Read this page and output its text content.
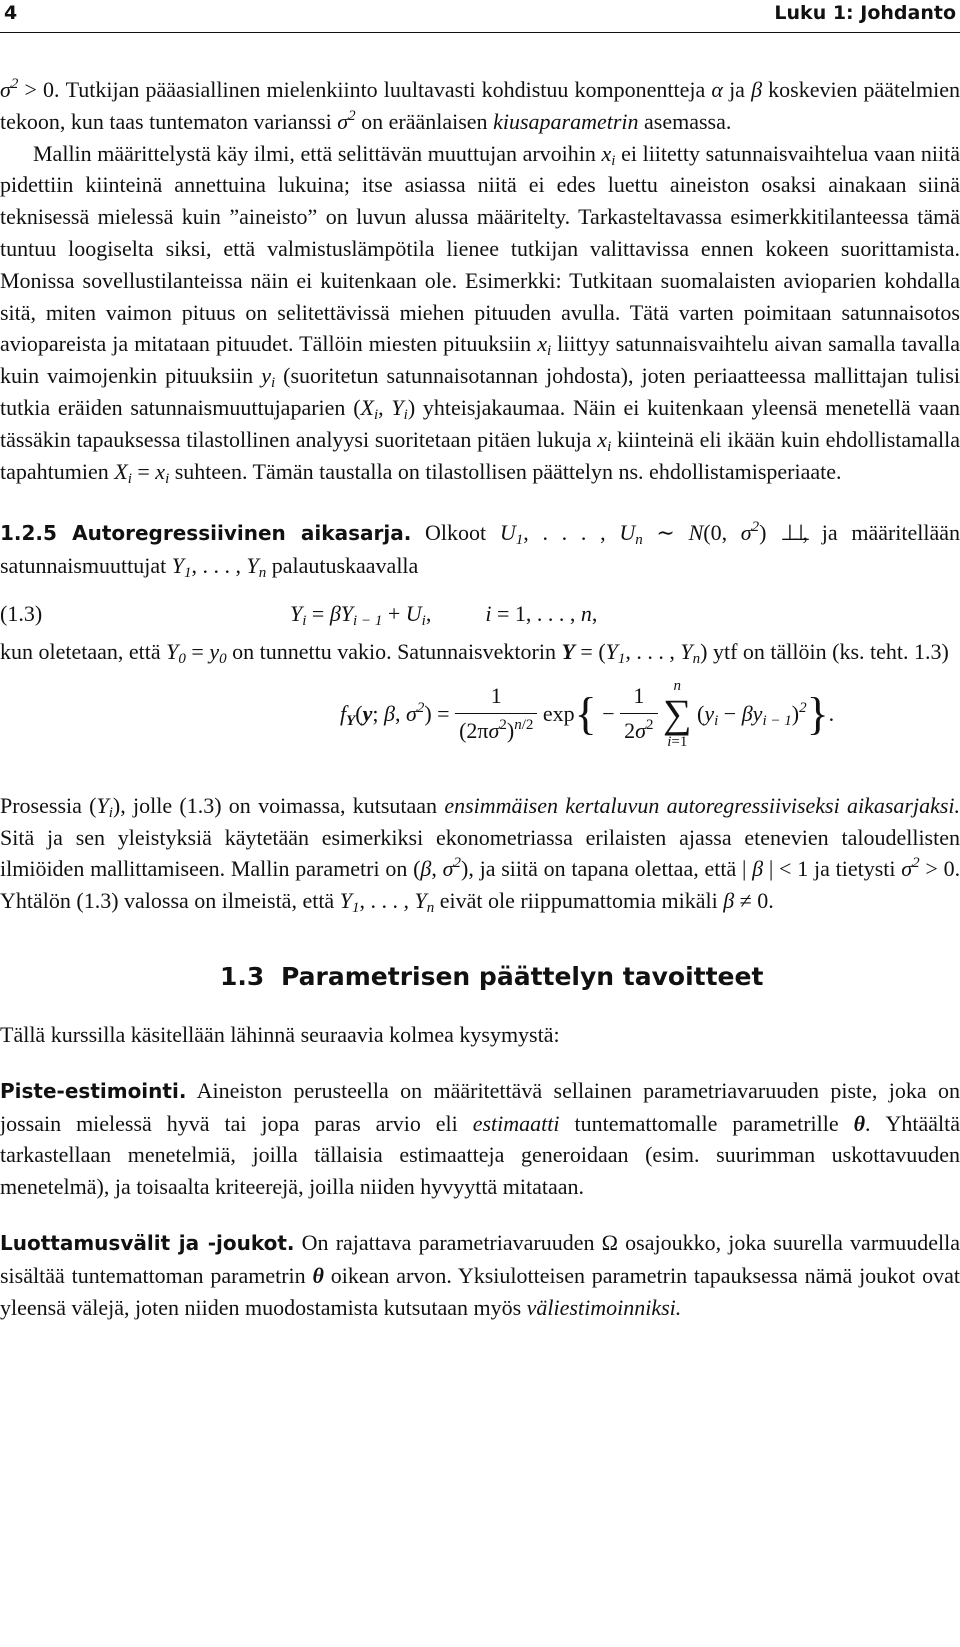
4	Luku 1: Johdanto

$\sigma^2 > 0$. Tutkijan pääasiallinen mielenkiinto luultavasti kohdistuu komponentteja α ja β koskevien päätelmien tekoon, kun taas tuntematon varianssi $\sigma^2$ on eräänlaisen kiusaparametrin asemassa.

Mallin määrittelystä käy ilmi, että selittävän muuttujan arvoihin $x_i$ ei liitetty satunnaisvaihtelua vaan niitä pidettiin kiinteinä annettuina lukuina; itse asiassa niitä ei edes luettu aineiston osaksi ainakaan siinä teknisessä mielessä kuin ”aineisto” on luvun alussa määritelty. Tarkasteltavassa esimerkkitilanteessa tämä tuntuu loogiselta siksi, että valmistuslämpötila lienee tutkijan valittavissa ennen kokeen suorittamista. Monissa sovellustilanteissa näin ei kuitenkaan ole. Esimerkki: Tutkitaan suomalaisten avioparien kohdalla sitä, miten vaimon pituus on selitettävissä miehen pituuden avulla. Tätä varten poimitaan satunnaisotos aviopareista ja mitataan pituudet. Tällöin miesten pituuksiin $x_i$ liittyy satunnaisvaihtelu aivan samalla tavalla kuin vaimojenkin pituuksiin $y_i$ (suoritetun satunnaisotannan johdosta), joten periaatteessa mallittajan tulisi tutkia eräiden satunnaismuuttujaparien ($X_i$, $Y_i$) yhteisjakaumaa. Näin ei kuitenkaan yleensä menetellä vaan tässäkin tapauksessa tilastollinen analyysi suoritetaan pitäen lukuja $x_i$ kiinteinä eli ikään kuin ehdollistamalla tapahtumien $X_i = x_i$ suhteen. Tämän taustalla on tilastollisen päättelyn ns. ehdollistamisperiaate.

1.2.5 Autoregressiivinen aikasarja. Olkoot $U_1$, . . . , $U_n$ ∼ N(0, $\sigma^2$) ⊥⊥, ja määritellään satunnaismuuttujat $Y_1$, . . . , $Y_n$ palautuskaavalla

(1.3)	$Y_i = \beta Y_{i - 1} + U_i$, i = 1, . . . , n,

kun oletetaan, että $Y_0 = y_0$ on tunnettu vakio. Satunnaisvektorin $Y = (Y_1$, . . . , $Y_n$) ytf on tällöin (ks. teht. 1.3)

$f_Y(y$; β, $\sigma^2) = \frac{1}{(2\pi\sigma^2)^{n/2}} \exp\{ - \frac{1}{2\sigma^2}$
	n
∑
i=1
$(y_i - \beta y_{i - 1})^2$}.

Prosessia $(Y_i)$, jolle (1.3) on voimassa, kutsutaan ensimmäisen kertaluvun autoregressiiviseksi aikasarjaksi. Sitä ja sen yleistyksiä käytetään esimerkiksi ekonometriassa erilaisten ajassa etenevien taloudellisten ilmiöiden mallittamiseen. Mallin parametri on (β, $\sigma^2$), ja siitä on tapana olettaa, että | β | < 1 ja tietysti $\sigma^2 > 0$. Yhtälön (1.3) valossa on ilmeistä, että $Y_1$, . . . , $Y_n$ eivät ole riippumattomia mikäli β ≠ 0.

1.3 Parametrisen päättelyn tavoitteet

Tällä kurssilla käsitellään lähinnä seuraavia kolmea kysymystä:

Piste-estimointi. Aineiston perusteella on määritettävä sellainen parametriavaruuden piste, joka on jossain mielessä hyvä tai jopa paras arvio eli estimaatti tuntemattomalle parametrille θ. Yhtäältä tarkastellaan menetelmiä, joilla tällaisia estimaatteja generoidaan (esim. suurimman uskottavuuden menetelmä), ja toisaalta kriteerejä, joilla niiden hyvyyttä mitataan.

Luottamusvälit ja -joukot. On rajattava parametriavaruuden Ω osajoukko, joka suurella varmuudella sisältää tuntemattoman parametrin θ oikean arvon. Yksiulotteisen parametrin tapauksessa nämä joukot ovat yleensä välejä, joten niiden muodostamista kutsutaan myös väliestimoinniksi.
